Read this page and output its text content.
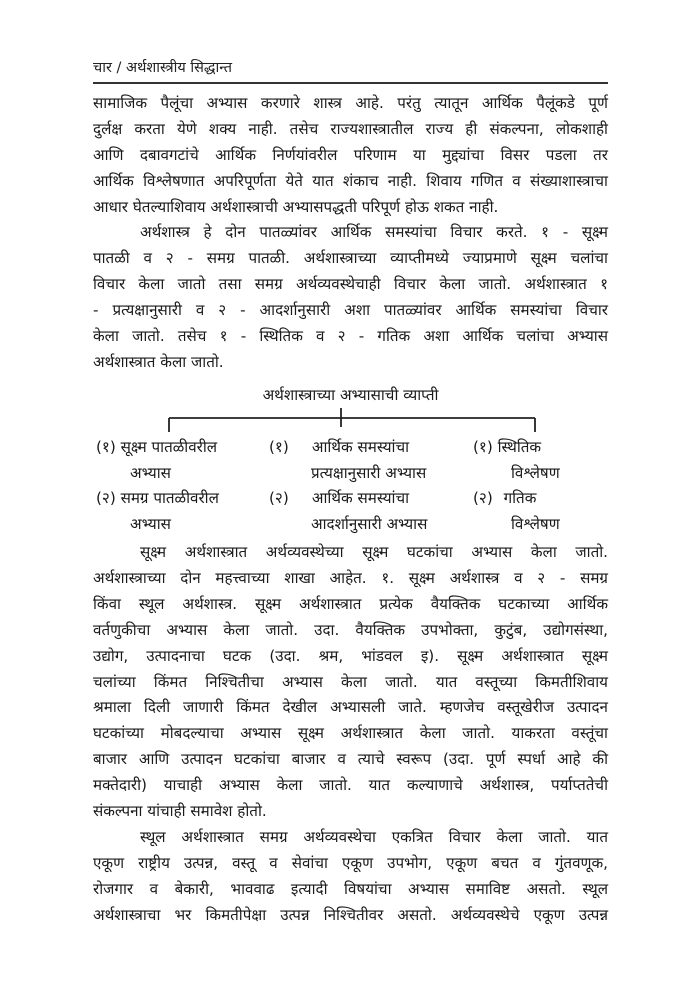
चार / अर्थशास्त्रीय सिद्धान्त
सामाजिक पैलूंचा अभ्यास करणारे शास्त्र आहे. परंतु त्यातून आर्थिक पैलूंकडे पूर्ण
दुर्लक्ष करता येणे शक्य नाही. तसेच राज्यशास्त्रातील राज्य ही संकल्पना, लोकशाही
आणि दबावगटांचे आर्थिक निर्णयांवरील परिणाम या मुद्द्यांचा विसर पडला तर
आर्थिक विश्लेषणात अपरिपूर्णता येते यात शंकाच नाही. शिवाय गणित व संख्याशास्त्राचा
आधार घेतल्याशिवाय अर्थशास्त्राची अभ्यासपद्धती परिपूर्ण होऊ शकत नाही.
अर्थशास्त्र हे दोन पातळ्यांवर आर्थिक समस्यांचा विचार करते. १ - सूक्ष्म
पातळी व २ - समग्र पातळी. अर्थशास्त्राच्या व्याप्तीमध्ये ज्याप्रमाणे सूक्ष्म चलांचा
विचार केला जातो तसा समग्र अर्थव्यवस्थेचाही विचार केला जातो. अर्थशास्त्रात १
- प्रत्यक्षानुसारी व २ - आदर्शानुसारी अशा पातळ्यांवर आर्थिक समस्यांचा विचार
केला जातो. तसेच १ - स्थितिक व २ - गतिक अशा आर्थिक चलांचा अभ्यास
अर्थशास्त्रात केला जातो.
अर्थशास्त्राच्या अभ्यासाची व्याप्ती
(१) सूक्ष्म पातळीवरील
अभ्यास
(२) समग्र पातळीवरील
अभ्यास
(१) आर्थिक समस्यांचा
प्रत्यक्षानुसारी अभ्यास
(२) आर्थिक समस्यांचा
आदर्शानुसारी अभ्यास
(१) स्थितिक
विश्लेषण
(२) गतिक
विश्लेषण
सूक्ष्म अर्थशास्त्रात अर्थव्यवस्थेच्या सूक्ष्म घटकांचा अभ्यास केला जातो.
अर्थशास्त्राच्या दोन महत्त्वाच्या शाखा आहेत. १. सूक्ष्म अर्थशास्त्र व २ - समग्र
किंवा स्थूल अर्थशास्त्र. सूक्ष्म अर्थशास्त्रात प्रत्येक वैयक्तिक घटकाच्या आर्थिक
वर्तणुकीचा अभ्यास केला जातो. उदा. वैयक्तिक उपभोक्ता, कुटुंब, उद्योगसंस्था,
उद्योग, उत्पादनाचा घटक (उदा. श्रम, भांडवल इ). सूक्ष्म अर्थशास्त्रात सूक्ष्म
चलांच्या किंमत निश्चितीचा अभ्यास केला जातो. यात वस्तूच्या किमतीशिवाय
श्रमाला दिली जाणारी किंमत देखील अभ्यासली जाते. म्हणजेच वस्तूखेरीज उत्पादन
घटकांच्या मोबदल्याचा अभ्यास सूक्ष्म अर्थशास्त्रात केला जातो. याकरता वस्तूंचा
बाजार आणि उत्पादन घटकांचा बाजार व त्याचे स्वरूप (उदा. पूर्ण स्पर्धा आहे की
मक्तेदारी) याचाही अभ्यास केला जातो. यात कल्याणाचे अर्थशास्त्र, पर्याप्ततेची
संकल्पना यांचाही समावेश होतो.
स्थूल अर्थशास्त्रात समग्र अर्थव्यवस्थेचा एकत्रित विचार केला जातो. यात
एकूण राष्ट्रीय उत्पन्न, वस्तू व सेवांचा एकूण उपभोग, एकूण बचत व गुंतवणूक,
रोजगार व बेकारी, भाववाढ इत्यादी विषयांचा अभ्यास समाविष्ट असतो. स्थूल
अर्थशास्त्राचा भर किमतीपेक्षा उत्पन्न निश्चितीवर असतो. अर्थव्यवस्थेचे एकूण उत्पन्न
